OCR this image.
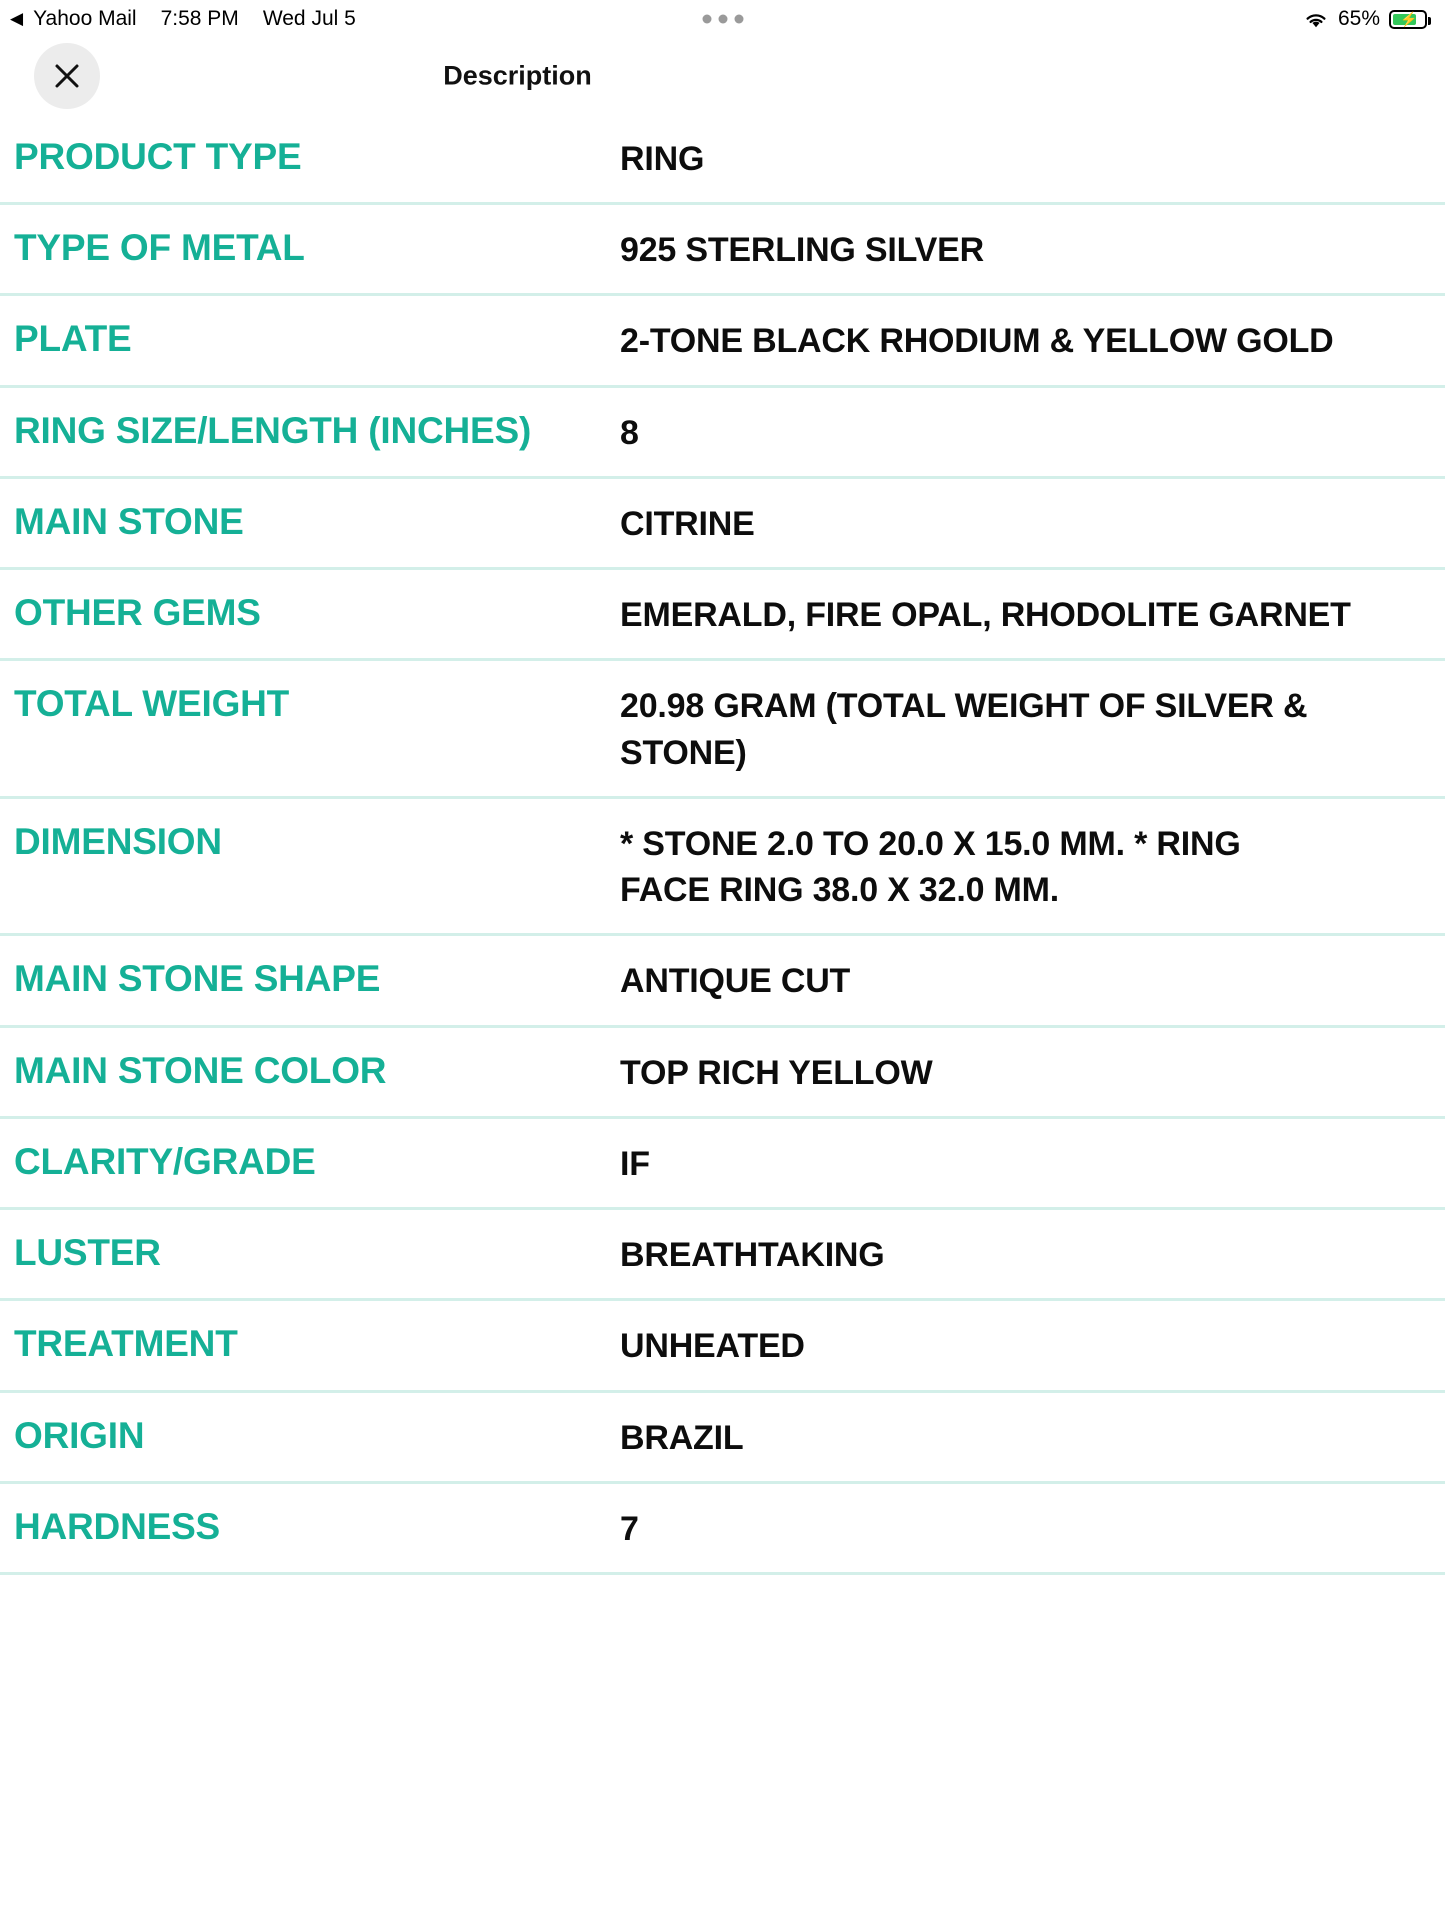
◀ Yahoo Mail 7:58 PM Wed Jul 5	65% ⚡
Description
PRODUCT TYPE	RING

TYPE OF METAL	925 STERLING SILVER

PLATE	2-TONE BLACK RHODIUM & YELLOW GOLD

RING SIZE/LENGTH (INCHES)	8

MAIN STONE	CITRINE

OTHER GEMS	EMERALD, FIRE OPAL, RHODOLITE GARNET

TOTAL WEIGHT	20.98 GRAM (TOTAL WEIGHT OF SILVER &
STONE)

DIMENSION	* STONE 2.0 TO 20.0 X 15.0 MM. * RING
FACE RING 38.0 X 32.0 MM.

MAIN STONE SHAPE	ANTIQUE CUT

MAIN STONE COLOR	TOP RICH YELLOW

CLARITY/GRADE	IF

LUSTER	BREATHTAKING

TREATMENT	UNHEATED

ORIGIN	BRAZIL

HARDNESS	7
